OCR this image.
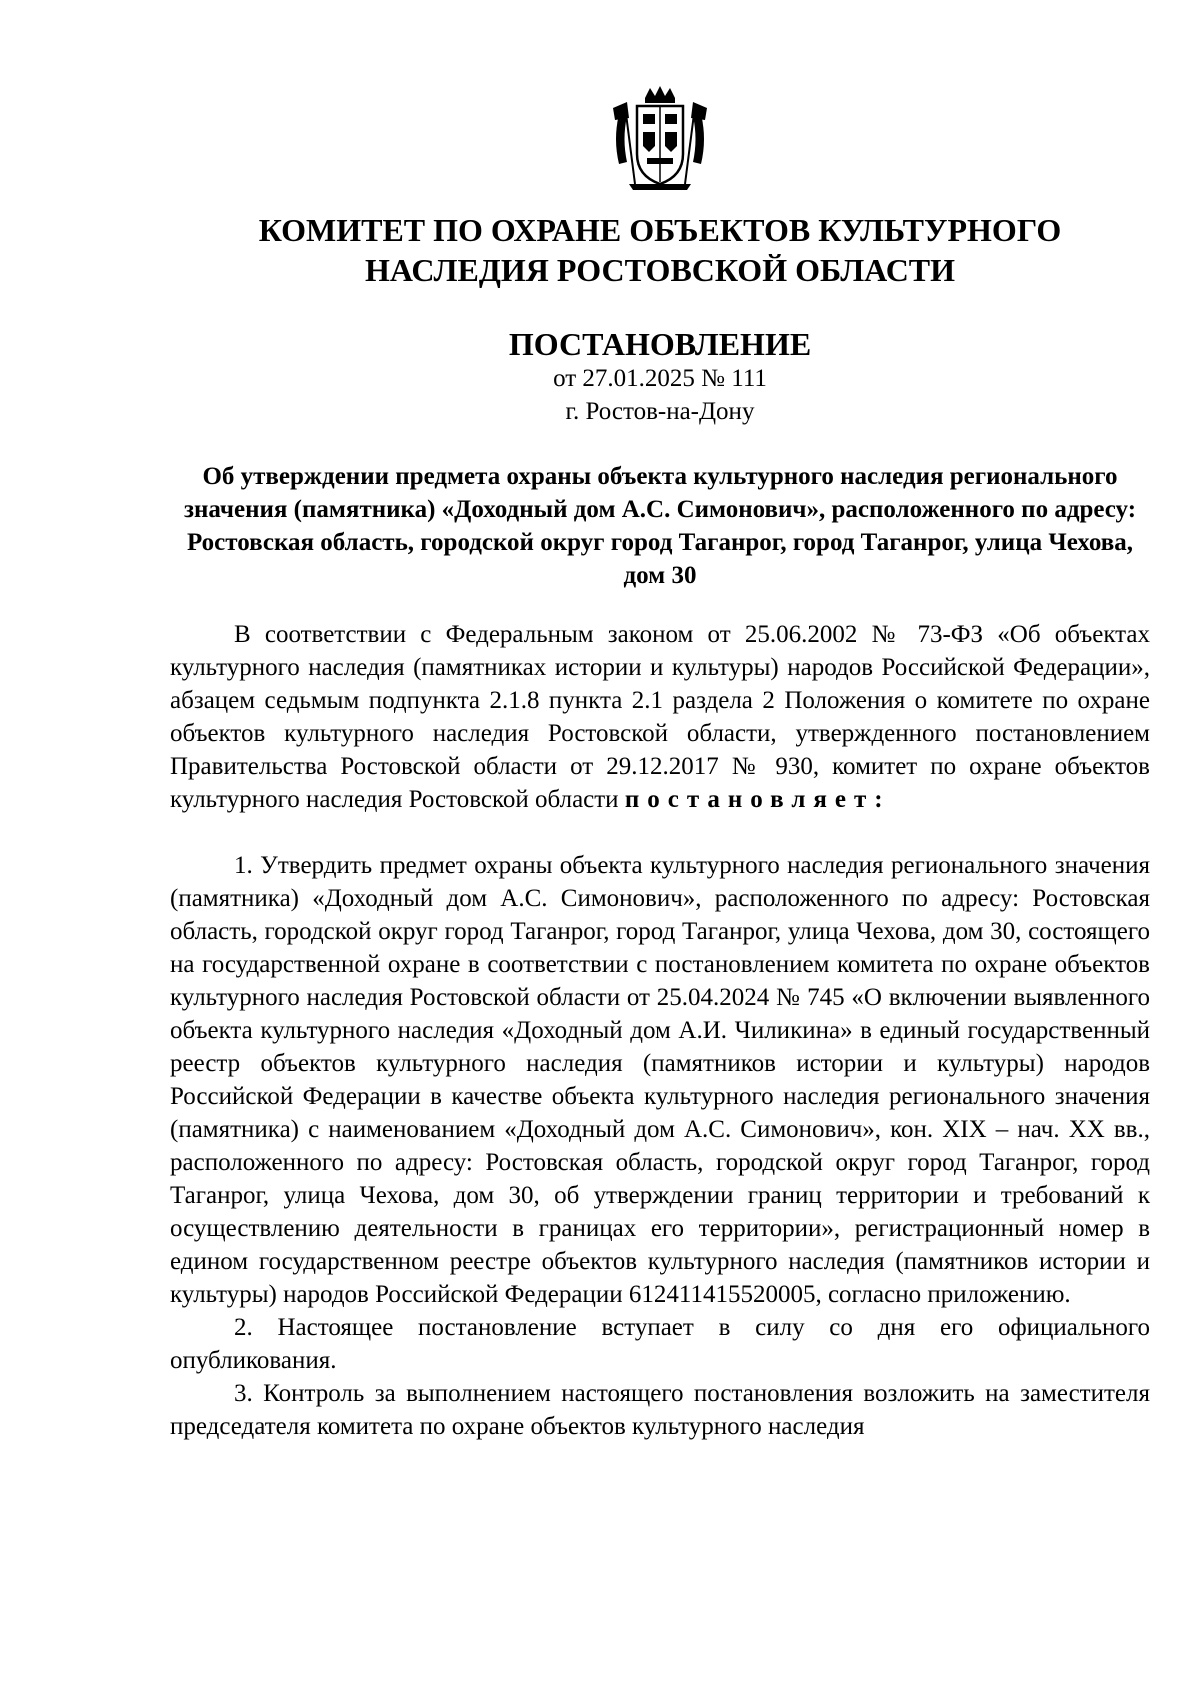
КОМИТЕТ ПО ОХРАНЕ ОБЪЕКТОВ КУЛЬТУРНОГО
НАСЛЕДИЯ РОСТОВСКОЙ ОБЛАСТИ
ПОСТАНОВЛЕНИЕ
от 27.01.2025 № 111
г. Ростов-на-Дону
Об утверждении предмета охраны объекта культурного наследия регионального значения (памятника) «Доходный дом А.С. Симонович», расположенного по адресу: Ростовская область, городской округ город Таганрог, город Таганрог, улица Чехова, дом 30

В соответствии с Федеральным законом от 25.06.2002 № 73-ФЗ «Об объектах культурного наследия (памятниках истории и культуры) народов Российской Федерации», абзацем седьмым подпункта 2.1.8 пункта 2.1 раздела 2 Положения о комитете по охране объектов культурного наследия Ростовской области, утвержденного постановлением Правительства Ростовской области от 29.12.2017 № 930, комитет по охране объектов культурного наследия Ростовской области постановляет:

1. Утвердить предмет охраны объекта культурного наследия регионального значения (памятника) «Доходный дом А.С. Симонович», расположенного по адресу: Ростовская область, городской округ город Таганрог, город Таганрог, улица Чехова, дом 30, состоящего на государственной охране в соответствии с постановлением комитета по охране объектов культурного наследия Ростовской области от 25.04.2024 № 745 «О включении выявленного объекта культурного наследия «Доходный дом А.И. Чиликина» в единый государственный реестр объектов культурного наследия (памятников истории и культуры) народов Российской Федерации в качестве объекта культурного наследия регионального значения (памятника) с наименованием «Доходный дом А.С. Симонович», кон. XIX – нач. XX вв., расположенного по адресу: Ростовская область, городской округ город Таганрог, город Таганрог, улица Чехова, дом 30, об утверждении границ территории и требований к осуществлению деятельности в границах его территории», регистрационный номер в едином государственном реестре объектов культурного наследия (памятников истории и культуры) народов Российской Федерации 612411415520005, согласно приложению.

2. Настоящее постановление вступает в силу со дня его официального опубликования.

3. Контроль за выполнением настоящего постановления возложить на заместителя председателя комитета по охране объектов культурного наследия
